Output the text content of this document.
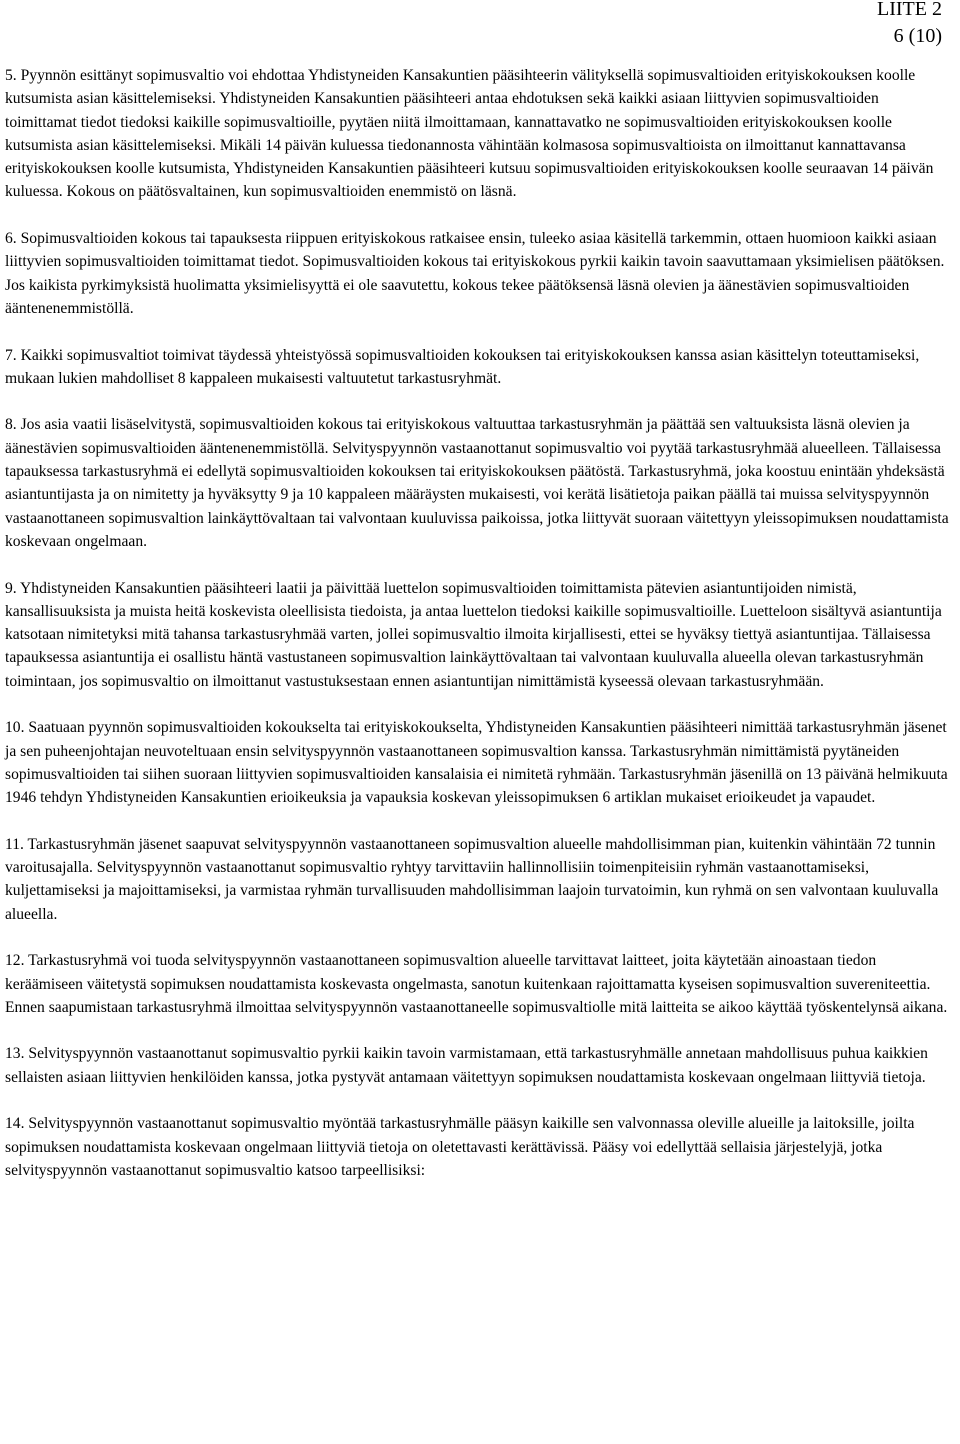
LIITE 2
6 (10)

5. Pyynnön esittänyt sopimusvaltio voi ehdottaa Yhdistyneiden Kansakuntien pääsihteerin välityksellä sopimusvaltioiden erityiskokouksen koolle kutsumista asian käsittelemiseksi. Yhdistyneiden Kansakuntien pääsihteeri antaa ehdotuksen sekä kaikki asiaan liittyvien sopimusvaltioiden toimittamat tiedot tiedoksi kaikille sopimusvaltioille, pyytäen niitä ilmoittamaan, kannattavatko ne sopimusvaltioiden erityiskokouksen koolle kutsumista asian käsittelemiseksi. Mikäli 14 päivän kuluessa tiedonannosta vähintään kolmasosa sopimusvaltioista on ilmoittanut kannattavansa erityiskokouksen koolle kutsumista, Yhdistyneiden Kansakuntien pääsihteeri kutsuu sopimusvaltioiden erityiskokouksen koolle seuraavan 14 päivän kuluessa. Kokous on päätösvaltainen, kun sopimusvaltioiden enemmistö on läsnä.

6. Sopimusvaltioiden kokous tai tapauksesta riippuen erityiskokous ratkaisee ensin, tuleeko asiaa käsitellä tarkemmin, ottaen huomioon kaikki asiaan liittyvien sopimusvaltioiden toimittamat tiedot. Sopimusvaltioiden kokous tai erityiskokous pyrkii kaikin tavoin saavuttamaan yksimielisen päätöksen. Jos kaikista pyrkimyksistä huolimatta yksimielisyyttä ei ole saavutettu, kokous tekee päätöksensä läsnä olevien ja äänestävien sopimusvaltioiden ääntenenemmistöllä.

7. Kaikki sopimusvaltiot toimivat täydessä yhteistyössä sopimusvaltioiden kokouksen tai erityiskokouksen kanssa asian käsittelyn toteuttamiseksi, mukaan lukien mahdolliset 8 kappaleen mukaisesti valtuutetut tarkastusryhmät.

8. Jos asia vaatii lisäselvitystä, sopimusvaltioiden kokous tai erityiskokous valtuuttaa tarkastusryhmän ja päättää sen valtuuksista läsnä olevien ja äänestävien sopimusvaltioiden ääntenenemmistöllä. Selvityspyynnön vastaanottanut sopimusvaltio voi pyytää tarkastusryhmää alueelleen. Tällaisessa tapauksessa tarkastusryhmä ei edellytä sopimusvaltioiden kokouksen tai erityiskokouksen päätöstä. Tarkastusryhmä, joka koostuu enintään yhdeksästä asiantuntijasta ja on nimitetty ja hyväksytty 9 ja 10 kappaleen määräysten mukaisesti, voi kerätä lisätietoja paikan päällä tai muissa selvityspyynnön vastaanottaneen sopimusvaltion lainkäyttövaltaan tai valvontaan kuuluvissa paikoissa, jotka liittyvät suoraan väitettyyn yleissopimuksen noudattamista koskevaan ongelmaan.

9. Yhdistyneiden Kansakuntien pääsihteeri laatii ja päivittää luettelon sopimusvaltioiden toimittamista pätevien asiantuntijoiden nimistä, kansallisuuksista ja muista heitä koskevista oleellisista tiedoista, ja antaa luettelon tiedoksi kaikille sopimusvaltioille. Luetteloon sisältyvä asiantuntija katsotaan nimitetyksi mitä tahansa tarkastusryhmää varten, jollei sopimusvaltio ilmoita kirjallisesti, ettei se hyväksy tiettyä asiantuntijaa. Tällaisessa tapauksessa asiantuntija ei osallistu häntä vastustaneen sopimusvaltion lainkäyttövaltaan tai valvontaan kuuluvalla alueella olevan tarkastusryhmän toimintaan, jos sopimusvaltio on ilmoittanut vastustuksestaan ennen asiantuntijan nimittämistä kyseessä olevaan tarkastusryhmään.

10. Saatuaan pyynnön sopimusvaltioiden kokoukselta tai erityiskokoukselta, Yhdistyneiden Kansakuntien pääsihteeri nimittää tarkastusryhmän jäsenet ja sen puheenjohtajan neuvoteltuaan ensin selvityspyynnön vastaanottaneen sopimusvaltion kanssa. Tarkastusryhmän nimittämistä pyytäneiden sopimusvaltioiden tai siihen suoraan liittyvien sopimusvaltioiden kansalaisia ei nimitetä ryhmään. Tarkastusryhmän jäsenillä on 13 päivänä helmikuuta 1946 tehdyn Yhdistyneiden Kansakuntien erioikeuksia ja vapauksia koskevan yleissopimuksen 6 artiklan mukaiset erioikeudet ja vapaudet.

11. Tarkastusryhmän jäsenet saapuvat selvityspyynnön vastaanottaneen sopimusvaltion alueelle mahdollisimman pian, kuitenkin vähintään 72 tunnin varoitusajalla. Selvityspyynnön vastaanottanut sopimusvaltio ryhtyy tarvittaviin hallinnollisiin toimenpiteisiin ryhmän vastaanottamiseksi, kuljettamiseksi ja majoittamiseksi, ja varmistaa ryhmän turvallisuuden mahdollisimman laajoin turvatoimin, kun ryhmä on sen valvontaan kuuluvalla alueella.

12. Tarkastusryhmä voi tuoda selvityspyynnön vastaanottaneen sopimusvaltion alueelle tarvittavat laitteet, joita käytetään ainoastaan tiedon keräämiseen väitetystä sopimuksen noudattamista koskevasta ongelmasta, sanotun kuitenkaan rajoittamatta kyseisen sopimusvaltion suvereniteettia. Ennen saapumistaan tarkastusryhmä ilmoittaa selvityspyynnön vastaanottaneelle sopimusvaltiolle mitä laitteita se aikoo käyttää työskentelynsä aikana.

13. Selvityspyynnön vastaanottanut sopimusvaltio pyrkii kaikin tavoin varmistamaan, että tarkastusryhmälle annetaan mahdollisuus puhua kaikkien sellaisten asiaan liittyvien henkilöiden kanssa, jotka pystyvät antamaan väitettyyn sopimuksen noudattamista koskevaan ongelmaan liittyviä tietoja.

14. Selvityspyynnön vastaanottanut sopimusvaltio myöntää tarkastusryhmälle pääsyn kaikille sen valvonnassa oleville alueille ja laitoksille, joilta sopimuksen noudattamista koskevaan ongelmaan liittyviä tietoja on oletettavasti kerättävissä. Pääsy voi edellyttää sellaisia järjestelyjä, jotka selvityspyynnön vastaanottanut sopimusvaltio katsoo tarpeellisiksi:
